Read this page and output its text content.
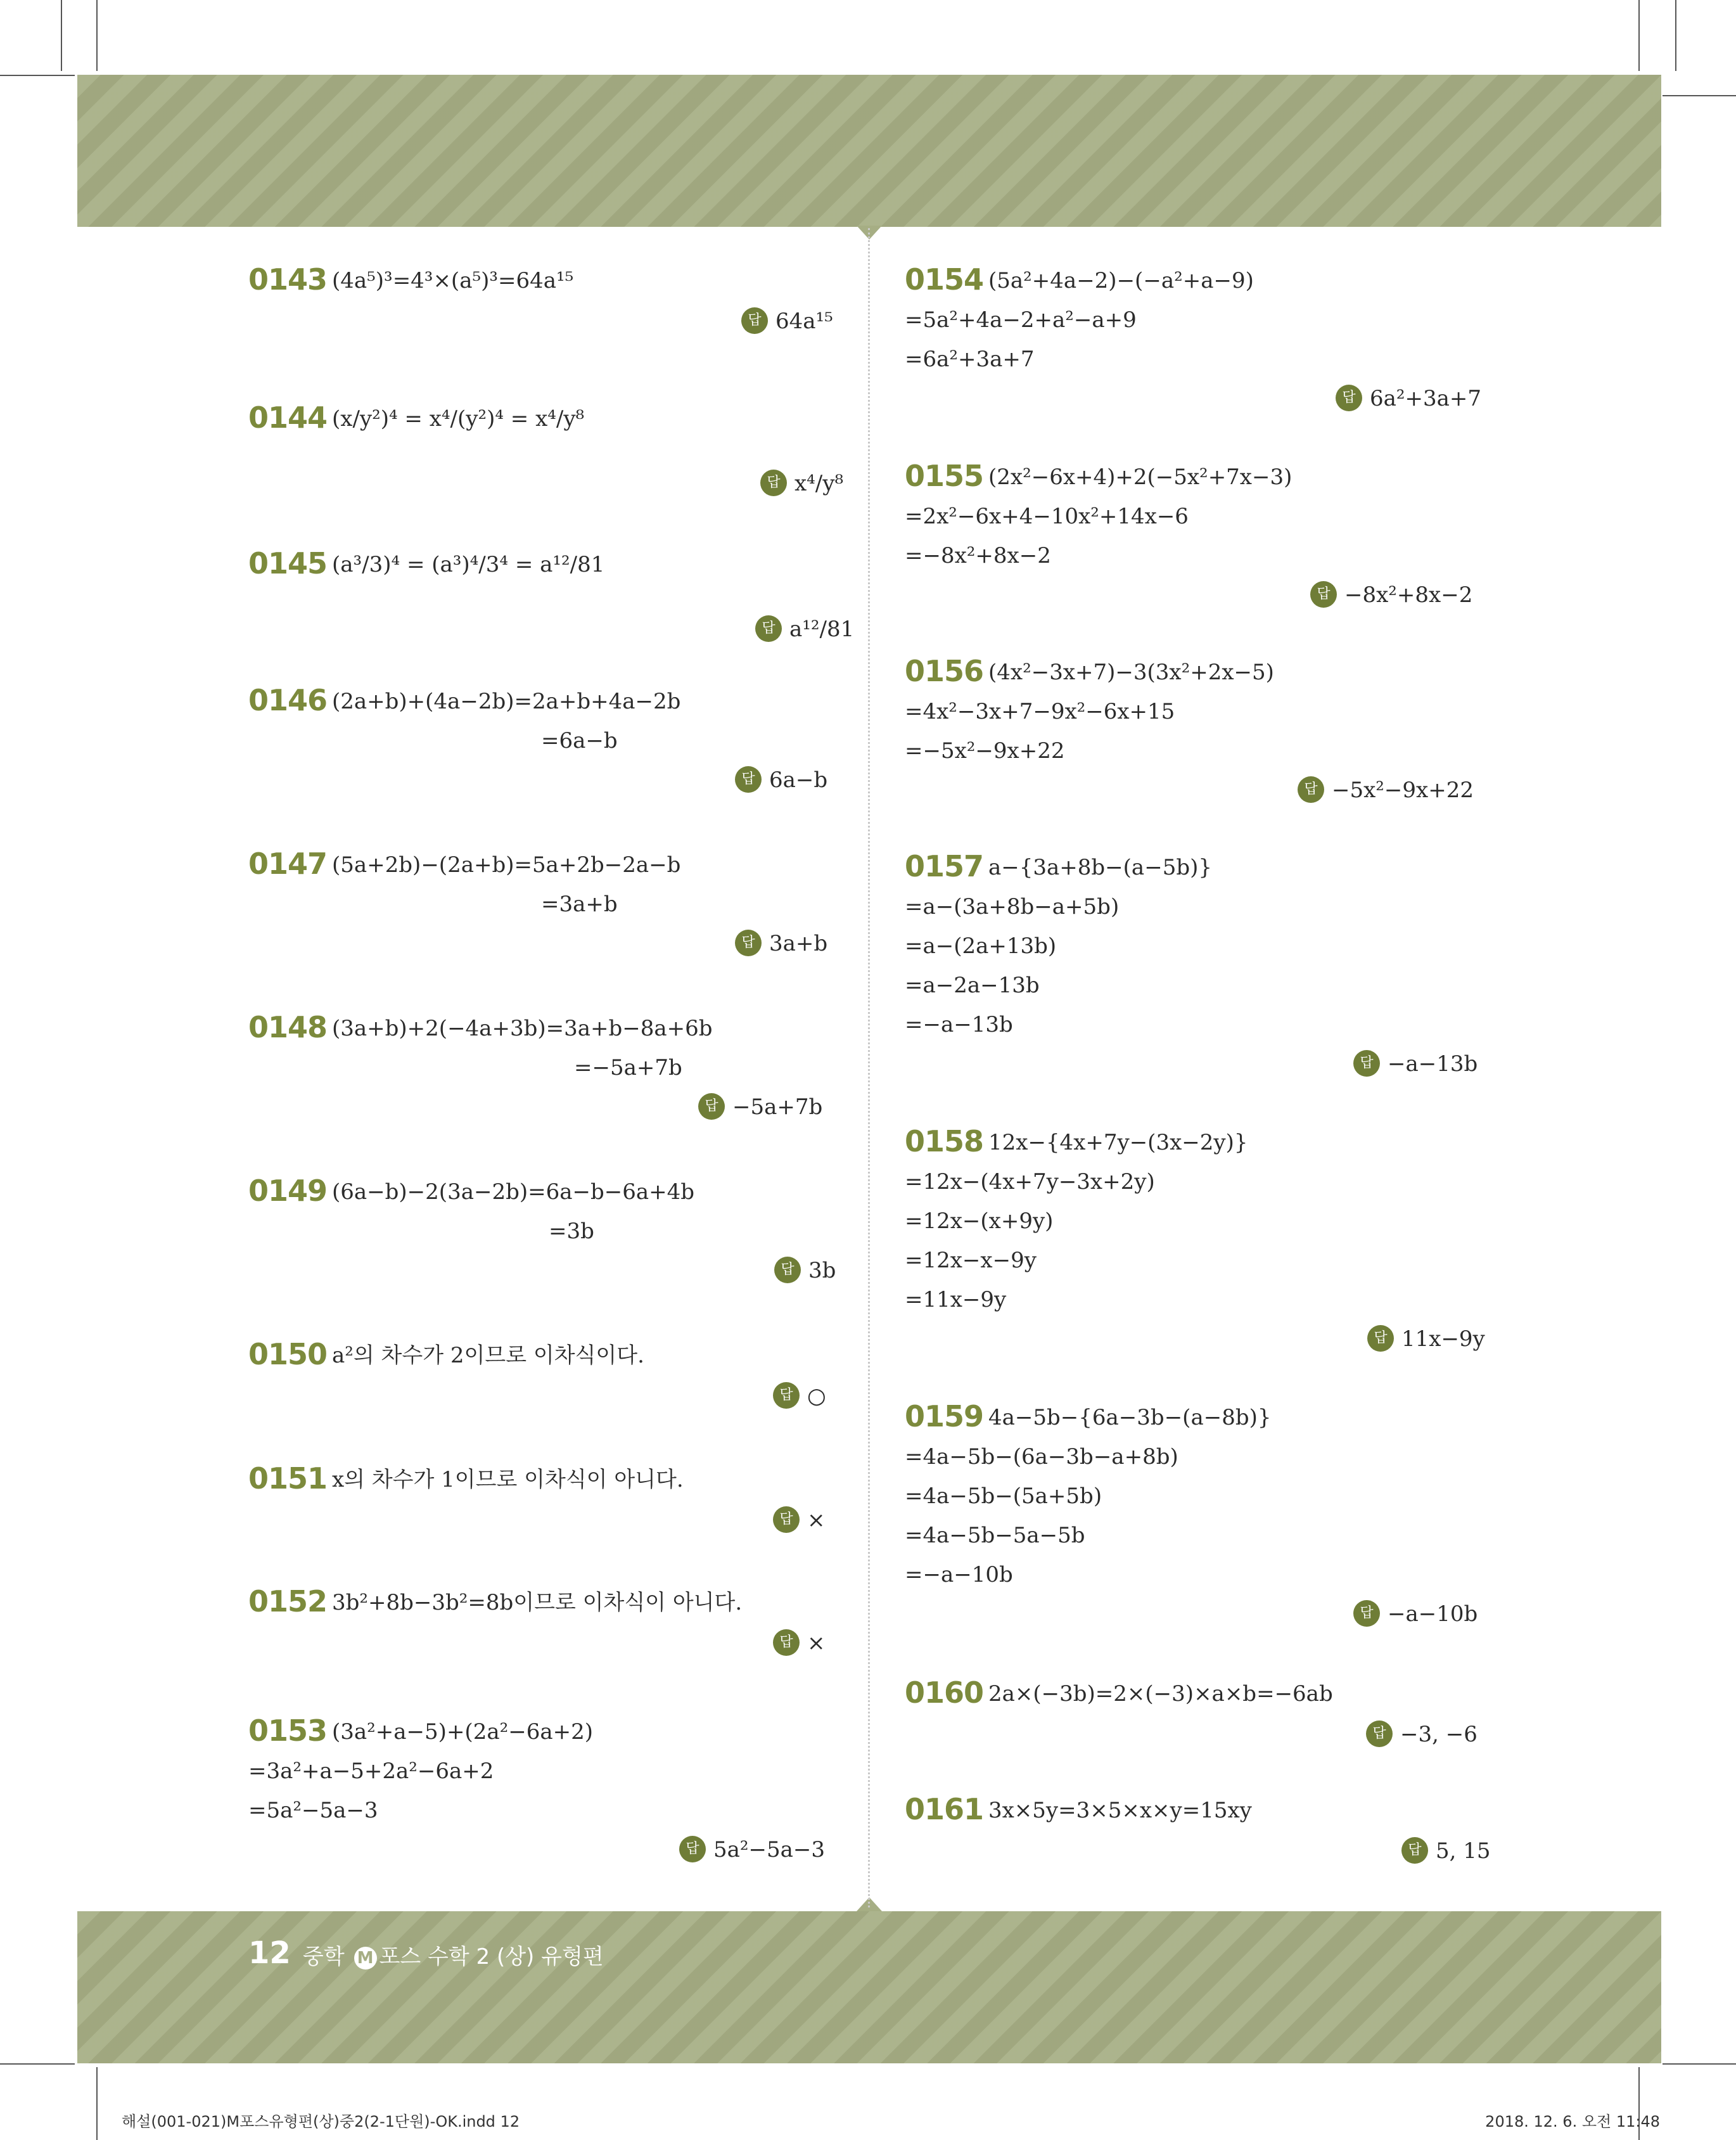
0143 (4a⁵)³=4³×(a⁵)³=64a¹⁵
답 64a¹⁵
0144 (x/y²)⁴ = x⁴/(y²)⁴ = x⁴/y⁸
답 x⁴/y⁸
0145 (a³/3)⁴ = (a³)⁴/3⁴ = a¹²/81
답 a¹²/81
0146 (2a+b)+(4a−2b)=2a+b+4a−2b
=6a−b
답 6a−b
0147 (5a+2b)−(2a+b)=5a+2b−2a−b
=3a+b
답 3a+b
0148 (3a+b)+2(−4a+3b)=3a+b−8a+6b
=−5a+7b
답 −5a+7b
0149 (6a−b)−2(3a−2b)=6a−b−6a+4b
=3b
답 3b
0150 a²의 차수가 2이므로 이차식이다.
답 ○
0151 x의 차수가 1이므로 이차식이 아니다.
답 ×
0152 3b²+8b−3b²=8b이므로 이차식이 아니다.
답 ×
0153 (3a²+a−5)+(2a²−6a+2)
=3a²+a−5+2a²−6a+2
=5a²−5a−3
답 5a²−5a−3
0154 (5a²+4a−2)−(−a²+a−9)
=5a²+4a−2+a²−a+9
=6a²+3a+7
답 6a²+3a+7
0155 (2x²−6x+4)+2(−5x²+7x−3)
=2x²−6x+4−10x²+14x−6
=−8x²+8x−2
답 −8x²+8x−2
0156 (4x²−3x+7)−3(3x²+2x−5)
=4x²−3x+7−9x²−6x+15
=−5x²−9x+22
답 −5x²−9x+22
0157 a−{3a+8b−(a−5b)}
=a−(3a+8b−a+5b)
=a−(2a+13b)
=a−2a−13b
=−a−13b
답 −a−13b
0158 12x−{4x+7y−(3x−2y)}
=12x−(4x+7y−3x+2y)
=12x−(x+9y)
=12x−x−9y
=11x−9y
답 11x−9y
0159 4a−5b−{6a−3b−(a−8b)}
=4a−5b−(6a−3b−a+8b)
=4a−5b−(5a+5b)
=4a−5b−5a−5b
=−a−10b
답 −a−10b
0160 2a×(−3b)=2×(−3)×a×b=−6ab
답 −3, −6
0161 3x×5y=3×5×x×y=15xy
답 5, 15
12 중학 M 포스 수학 2 (상) 유형편
해설(001-021)M포스유형편(상)중2(2-1단원)-OK.indd 12	2018. 12. 6. 오전 11:48
